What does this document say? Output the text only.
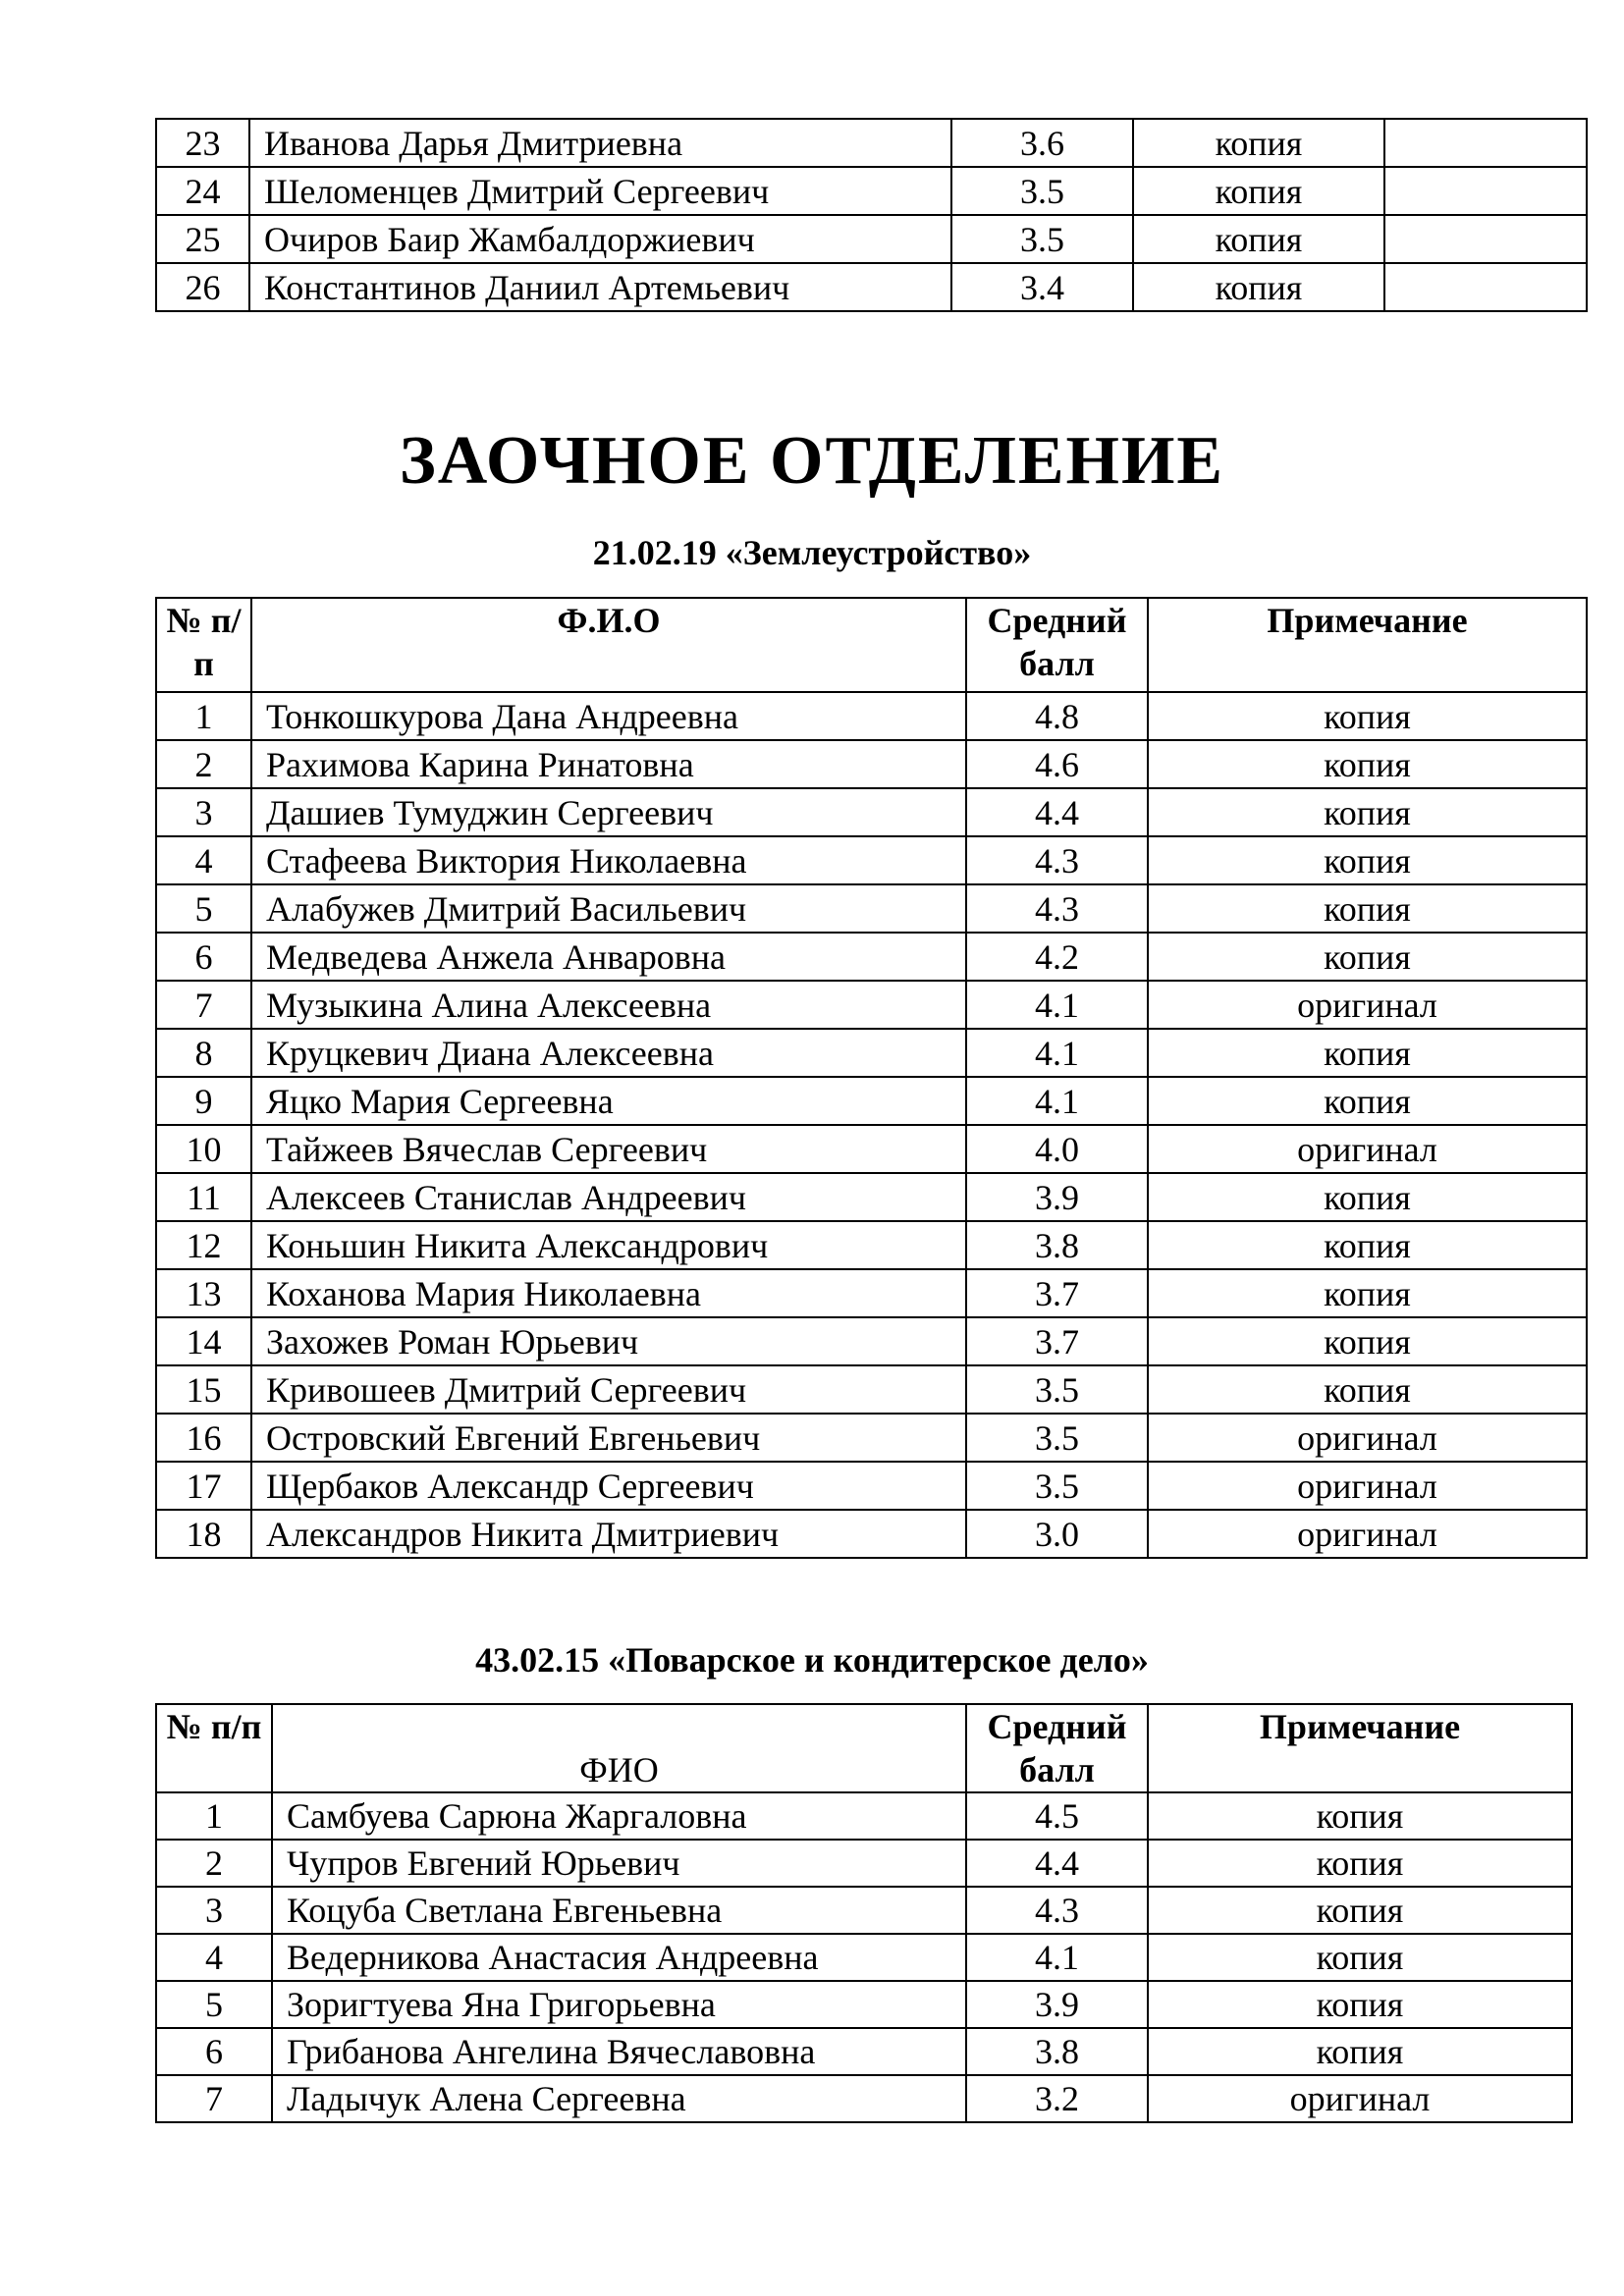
23	Иванова Дарья Дмитриевна	3.6	копия	
24	Шеломенцев Дмитрий Сергеевич	3.5	копия	
25	Очиров Баир Жамбалдоржиевич	3.5	копия	
26	Константинов Даниил Артемьевич	3.4	копия	
ЗАОЧНОЕ ОТДЕЛЕНИЕ
21.02.19 «Землеустройство»
№ п/п	Ф.И.О	Средний балл	Примечание
1	Тонкошкурова Дана Андреевна	4.8	копия
2	Рахимова Карина Ринатовна	4.6	копия
3	Дашиев Тумуджин Сергеевич	4.4	копия
4	Стафеева Виктория Николаевна	4.3	копия
5	Алабужев Дмитрий Васильевич	4.3	копия
6	Медведева Анжела Анваровна	4.2	копия
7	Музыкина Алина Алексеевна	4.1	оригинал
8	Круцкевич Диана Алексеевна	4.1	копия
9	Яцко Мария Сергеевна	4.1	копия
10	Тайжеев Вячеслав Сергеевич	4.0	оригинал
11	Алексеев Станислав Андреевич	3.9	копия
12	Коньшин Никита Александрович	3.8	копия
13	Коханова Мария Николаевна	3.7	копия
14	Захожев Роман Юрьевич	3.7	копия
15	Кривошеев Дмитрий Сергеевич	3.5	копия
16	Островский Евгений Евгеньевич	3.5	оригинал
17	Щербаков Александр Сергеевич	3.5	оригинал
18	Александров Никита Дмитриевич	3.0	оригинал
43.02.15 «Поварское и кондитерское дело»
№ п/п	ФИО	Средний балл	Примечание
1	Самбуева Сарюна Жаргаловна	4.5	копия
2	Чупров Евгений Юрьевич	4.4	копия
3	Коцуба Светлана Евгеньевна	4.3	копия
4	Ведерникова Анастасия Андреевна	4.1	копия
5	Зоригтуева Яна Григорьевна	3.9	копия
6	Грибанова Ангелина Вячеславовна	3.8	копия
7	Ладычук Алена Сергеевна	3.2	оригинал
